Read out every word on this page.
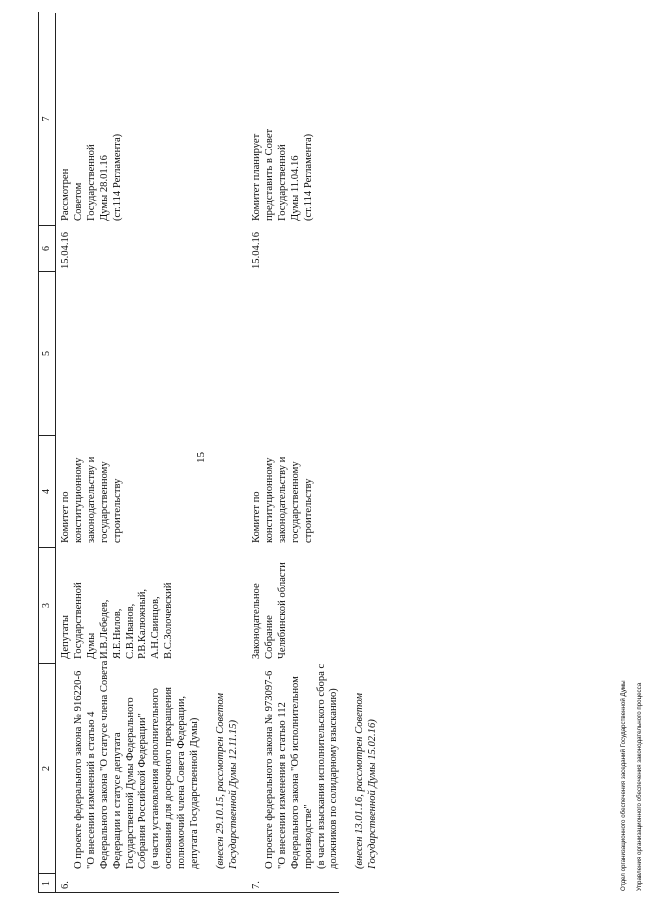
15
1
2
3
4
5
6
7
6.

О проекте федерального закона № 916220-6
"О внесении изменений в статью 4
Федерального закона "О статусе члена Совета
Федерации и статусе депутата
Государственной Думы Федерального
Собрания Российской Федерации"
(в части установления дополнительного
основания для досрочного прекращения
полномочий члена Совета Федерации,
депутата Государственной Думы)

(внесен 29.10.15, рассмотрен Советом
Государственной Думы 12.11.15)

Депутаты
Государственной
Думы
И.В.Лебедев,
Я.Е.Нилов,
С.В.Иванов,
Р.В.Калюжный,
А.Н.Свинцов,
В.С.Золочевский
Комитет по
конституционному
законодательству и
государственному
строительству
15.04.16
Рассмотрен
Советом
Государственной
Думы 28.01.16
(ст.114 Регламента)
7.

О проекте федерального закона № 973097-6
"О внесении изменения в статью 112
Федерального закона "Об исполнительном
производстве"
(в части взыскания исполнительского сбора с
должников по солидарному взысканию)

(внесен 13.01.16, рассмотрен Советом
Государственной Думы 15.02.16)

Законодательное
Собрание
Челябинской области
Комитет по
конституционному
законодательству и
государственному
строительству
15.04.16
Комитет планирует
представить в Совет
Государственной
Думы 11.04.16
(ст.114 Регламента)

Отдел организационного обеспечения заседаний Государственной Думы Управления организационного обеспечения законодательного процесса
